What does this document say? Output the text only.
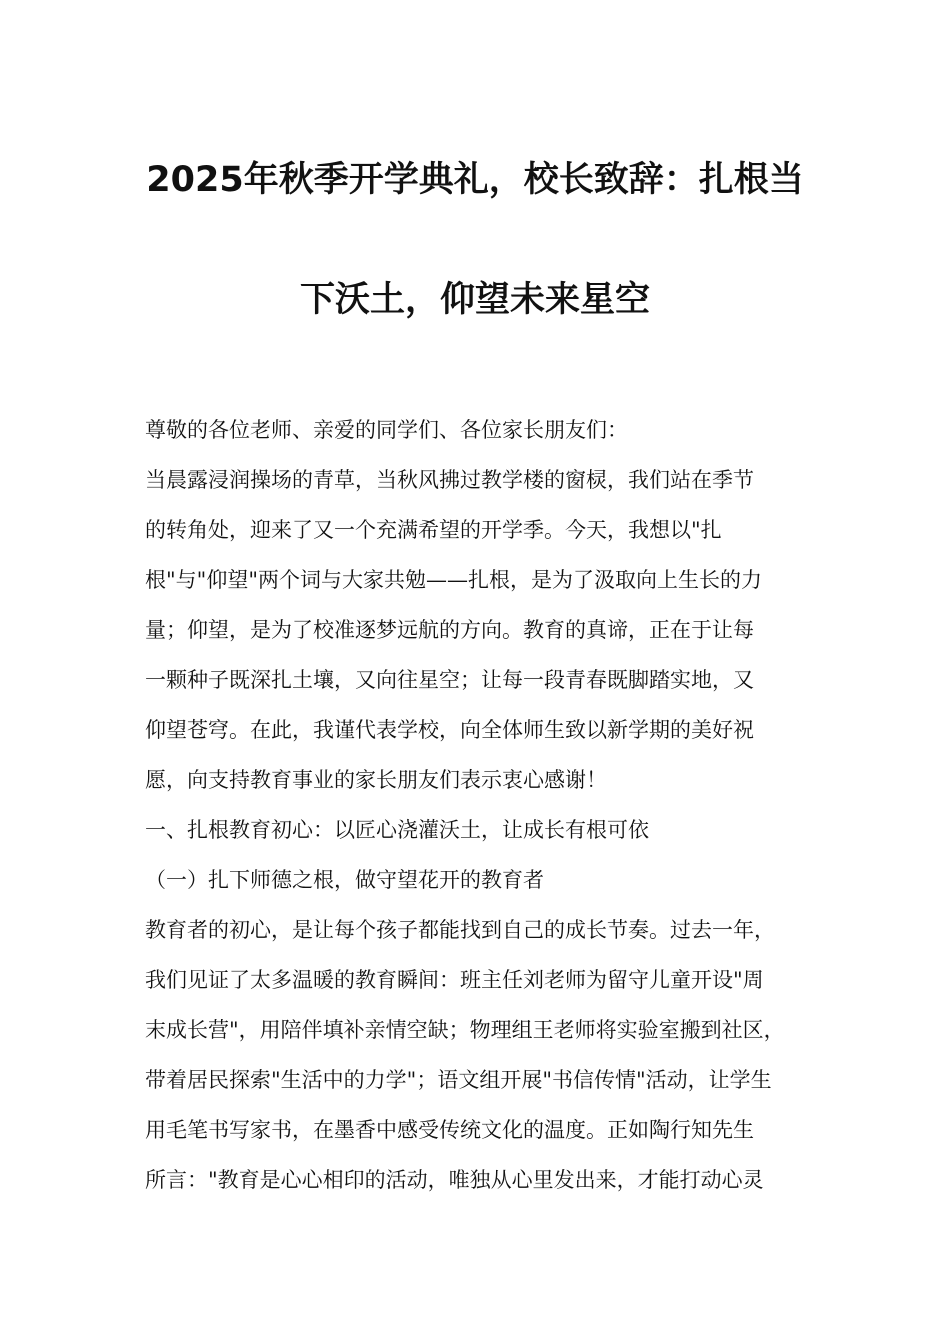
2025年秋季开学典礼，校长致辞：扎根当
下沃土，仰望未来星空
尊敬的各位老师、亲爱的同学们、各位家长朋友们：
当晨露浸润操场的青草，当秋风拂过教学楼的窗棂，我们站在季节
的转角处，迎来了又一个充满希望的开学季。今天，我想以"扎
根"与"仰望"两个词与大家共勉——扎根，是为了汲取向上生长的力
量；仰望，是为了校准逐梦远航的方向。教育的真谛，正在于让每
一颗种子既深扎土壤，又向往星空；让每一段青春既脚踏实地，又
仰望苍穹。在此，我谨代表学校，向全体师生致以新学期的美好祝
愿，向支持教育事业的家长朋友们表示衷心感谢！
一、扎根教育初心：以匠心浇灌沃土，让成长有根可依
（一）扎下师德之根，做守望花开的教育者
教育者的初心，是让每个孩子都能找到自己的成长节奏。过去一年，
我们见证了太多温暖的教育瞬间：班主任刘老师为留守儿童开设"周
末成长营"，用陪伴填补亲情空缺；物理组王老师将实验室搬到社区，
带着居民探索"生活中的力学"；语文组开展"书信传情"活动，让学生
用毛笔书写家书，在墨香中感受传统文化的温度。正如陶行知先生
所言："教育是心心相印的活动，唯独从心里发出来，才能打动心灵
